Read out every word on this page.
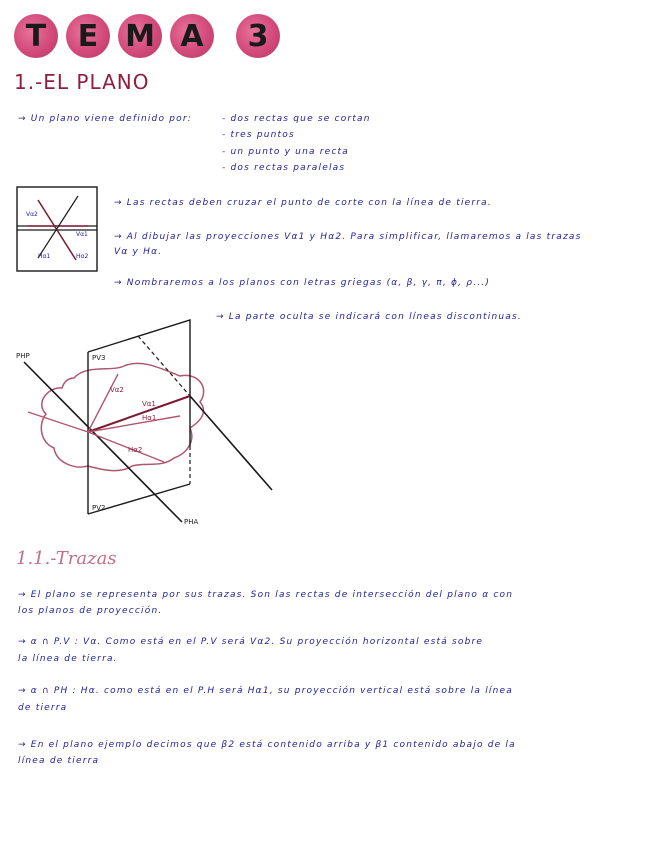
T	E M A	3
1.-EL PLANO
→ Un plano viene definido por:	- dos rectas que se cortan
- tres puntos
- un punto y una recta
- dos rectas paralelas
Vα2
Vα1
Hα1	Hα2
→ Las rectas deben cruzar el punto de corte con la línea de tierra.
→ Al dibujar las proyecciones Vα1 y Hα2. Para simplificar, llamaremos a las trazas
Vα y Hα.
→ Nombraremos a los planos con letras griegas (α, β, γ, π, ϕ, ρ...)
→ La parte oculta se indicará con líneas discontinuas.
PHP	PV3
PV2
PHA
Vα2
Vα1
Hα1
Hα2
1.1.-Trazas
→ El plano se representa por sus trazas. Son las rectas de intersección del plano α con
los planos de proyección.
→ α ∩ P.V : Vα. Como está en el P.V será Vα2. Su proyección horizontal está sobre
la línea de tierra.
→ α ∩ PH : Hα. como está en el P.H será Hα1, su proyección vertical está sobre la línea
de tierra
→ En el plano ejemplo decimos que β2 está contenido arriba y β1 contenido abajo de la
línea de tierra
